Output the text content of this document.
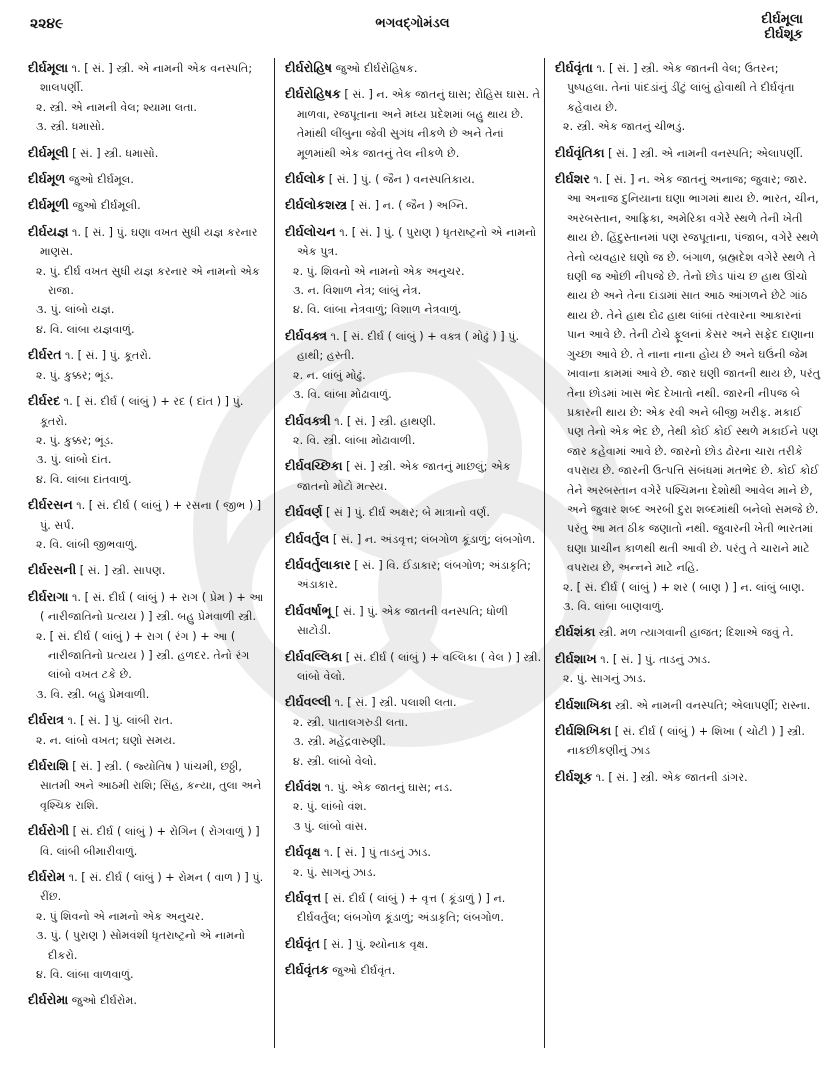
૨૨૪૯	ભગવદ્ગોમંડલ	દીર્ઘમૂલા
દીર્ઘશૂક

દીર્ઘમૂલા ૧. [ સં. ] સ્ત્રી. એ નામની એક વનસ્પતિ; શાલપર્ણી.

૨. સ્ત્રી. એ નામની વેલ; શ્યામા લતા.

૩. સ્ત્રી. ધમાસો.

દીર્ઘમૂલી [ સં. ] સ્ત્રી. ધમાસો.

દીર્ઘમૂળ જુઓ દીર્ઘમૂલ.

દીર્ઘમૂળી જુઓ દીર્ઘમૂલી.

દીર્ઘયજ્ઞ ૧. [ સં. ] પું. ઘણા વખત સુધી યજ્ઞ કરનાર માણસ.

૨. પું. દીર્ઘ વખત સુધી યજ્ઞ કરનાર એ નામનો એક રાજા.

૩. પું. લાંબો યજ્ઞ.

૪. વિ. લાંબા યજ્ઞવાળું.

દીર્ઘરત ૧. [ સં. ] પું. કૂતરો.

૨. પું. કુક્કર; ભૂંડ.

દીર્ઘરદ ૧. [ સં. દીર્ઘ ( લાંબું ) + રદ ( દાંત ) ] પું. કૂતરો.

૨. પું. કુક્કર; ભૂંડ.

૩. પું. લાંબો દાંત.

૪. વિ. લાંબા દાંતવાળું.

દીર્ઘરસન ૧. [ સં. દીર્ઘ ( લાંબું ) + રસના ( જીભ ) ] પું. સર્પ.

૨. વિ. લાંબી જીભવાળું.

દીર્ઘરસની [ સં. ] સ્ત્રી. સાપણ.

દીર્ઘરાગા ૧. [ સં. દીર્ઘ ( લાંબું ) + રાગ ( પ્રેમ ) + આ ( નારીજાતિનો પ્રત્યય ) ] સ્ત્રી. બહુ પ્રેમવાળી સ્ત્રી.

૨. [ સં. દીર્ઘ ( લાંબું ) + રાગ ( રંગ ) + આ ( નારીજાતિનો પ્રત્યય ) ] સ્ત્રી. હળદર. તેનો રંગ લાંબો વખત ટકે છે.

૩. વિ. સ્ત્રી. બહુ પ્રેમવાળી.

દીર્ઘરાત્ર ૧. [ સં. ] પું. લાંબી રાત.

૨. ન. લાંબો વખત; ઘણો સમય.

દીર્ઘરાશિ [ સં. ] સ્ત્રી. ( જ્યોતિષ ) પાંચમી, છઠ્ઠી, સાતમી અને આઠમી રાશિ; સિંહ, કન્યા, તુલા અને વૃશ્ચિક રાશિ.

દીર્ઘરોગી [ સં. દીર્ઘ ( લાંબું ) + રોગિન ( રોગવાળું ) ] વિ. લાંબી બીમારીવાળું.

દીર્ઘરોમ ૧. [ સં. દીર્ઘ ( લાંબું ) + રોમન ( વાળ ) ] પું. રીંછ.

૨. પું શિવનો એ નામનો એક અનુચર.

૩. પું. ( પુરાણ ) સોમવંશી ધૃતરાષ્ટ્રનો એ નામનો દીકરો.

૪. વિ. લાંબા વાળવાળું.

દીર્ઘરોમા જુઓ દીર્ઘરોમ.

દીર્ઘરોહિષ જુઓ દીર્ઘરોહિષક.

દીર્ઘરોહિષક [ સં. ] ન. એક જાતનું ઘાસ; રોહિસ ઘાસ. તે માળવા, રજપૂતાના અને મધ્ય પ્રદેશમાં બહુ થાય છે. તેમાંથી લીંબુના જેવી સુગંધ નીકળે છે અને તેનાં મૂળમાંથી એક જાતનું તેલ નીકળે છે.

દીર્ઘલોક [ સં. ] પું. ( જૈન ) વનસ્પતિકાય.

દીર્ઘલોકશસ્ત્ર [ સં. ] ન. ( જૈન ) અગ્નિ.

દીર્ઘલોચન ૧. [ સં. ] પું. ( પુરાણ ) ધૃતરાષ્ટ્રનો એ નામનો એક પુત્ર.

૨. પું. શિવનો એ નામનો એક અનુચર.

૩. ન. વિશાળ નેત્ર; લાંબું નેત્ર.

૪. વિ. લાંબા નેત્રવાળું; વિશાળ નેત્રવાળું.

દીર્ઘવક્ત્ર ૧. [ સં. દીર્ઘ ( લાંબું ) + વક્ત્ર ( મોઢું ) ] પું. હાથી; હસ્તી.

૨. ન. લાંબું મોઢું.

૩. વિ. લાંબા મોઢાવાળું.

દીર્ઘવક્ત્રી ૧. [ સં. ] સ્ત્રી. હાથણી.

૨. વિ. સ્ત્રી. લાંબા મોઢાવાળી.

દીર્ઘવચ્છિકા [ સં. ] સ્ત્રી. એક જાતનું માછલું; એક જાતનો મોટો મત્સ્ય.

દીર્ઘવર્ણ [ સં ] પું. દીર્ઘ અક્ષર; બે માત્રાનો વર્ણ.

દીર્ઘવર્તુલ [ સં. ] ન. અંડવૃત્ત; લંબગોળ કૂંડાળું; લંબગોળ.

દીર્ઘવર્તુલાકાર [ સં. ] વિ. ઈંડાકાર; લંબગોળ; અંડાકૃતિ; અંડાકાર.

દીર્ઘવર્ષાભૂ [ સં. ] પું. એક જાતની વનસ્પતિ; ધોળી સાટોડી.

દીર્ઘવલ્લિકા [ સં. દીર્ઘ ( લાંબું ) + વલ્લિકા ( વેલ ) ] સ્ત્રી. લાંબો વેલો.

દીર્ઘવલ્લી ૧. [ સં. ] સ્ત્રી. પલાશી લતા.

૨. સ્ત્રી. પાતાલગરુડી લતા.

૩. સ્ત્રી. મહેંદ્રવારુણી.

૪. સ્ત્રી. લાંબો વેલો.

દીર્ઘવંશ ૧. પું. એક જાતનું ઘાસ; નડ.

૨. પું. લાંબો વંશ.

૩ પું. લાંબો વાંસ.

દીર્ઘવૃક્ષ ૧. [ સં. ] પું તાડનું ઝાડ.

૨. પું. સાગનું ઝાડ.

દીર્ઘવૃત્ત [ સં. દીર્ઘ ( લાંબું ) + વૃત્ત ( કૂંડાળું ) ] ન. દીર્ઘવર્તુલ; લંબગોળ કૂંડાળું; અંડાકૃતિ; લંબગોળ.

દીર્ઘવૃંત [ સં. ] પું. શ્યોનાક વૃક્ષ.

દીર્ઘવૃંતક જુઓ દીર્ઘવૃંત.

દીર્ઘવૃંતા ૧. [ સં. ] સ્ત્રી. એક જાતની વેલ; ઉતરન; પુષ્પહલા. તેનાં પાંદડાંનું ડીંટું લાંબું હોવાથી તે દીર્ઘવૃંતા કહેવાય છે.

૨. સ્ત્રી. એક જાતનું ચીભડું.

દીર્ઘવૃંતિકા [ સં. ] સ્ત્રી. એ નામની વનસ્પતિ; એલાપર્ણી.

દીર્ઘશર ૧. [ સં. ] ન. એક જાતનું અનાજ; જુવાર; જાર. આ અનાજ દુનિયાના ઘણા ભાગમાં થાય છે. ભારત, ચીન, અરબસ્તાન, આફ્રિકા, અમેરિકા વગેરે સ્થળે તેની ખેતી થાય છે. હિંદુસ્તાનમાં પણ રજપૂતાના, પંજાબ, વગેરે સ્થળે તેનો વ્યવહાર ઘણો જ છે. બંગાળ, બ્રહ્મદેશ વગેરે સ્થળે તે ઘણી જ ઓછી નીપજે છે. તેનો છોડ પાંચ છ હાથ ઊંચો થાય છે અને તેના દાંડામાં સાત આઠ આંગળને છેટે ગાંઠ થાય છે. તેને હાથ દોઢ હાથ લાંબાં તરવારના આકારનાં પાન આવે છે. તેની ટોચે ફૂલનાં કેસર અને સફેદ દાણાના ગુચ્છા આવે છે. તે નાના નાના હોય છે અને ઘઉંની જેમ ખાવાના કામમાં આવે છે. જાર ઘણી જાતની થાય છે, પરંતુ તેના છોડમાં ખાસ ભેદ દેખાતો નથી. જારની નીપજ બે પ્રકારની થાય છે: એક રવી અને બીજી ખરીફ. મકાઈ પણ તેનો એક ભેદ છે, તેથી કોઈ કોઈ સ્થળે મકાઈને પણ જાર કહેવામાં આવે છે. જારનો છોડ ઢોરના ચારા તરીકે વપરાય છે. જારની ઉત્પત્તિ સંબંધમાં મતભેદ છે. કોઈ કોઈ તેને અરબસ્તાન વગેરે પશ્ચિમના દેશોથી આવેલ માને છે, અને જુવાર શબ્દ અરબી દુરા શબ્દમાંથી બનેલો સમજે છે. પરંતુ આ મત ઠીક જણાતો નથી. જુવારની ખેતી ભારતમાં ઘણા પ્રાચીન કાળથી થતી આવી છે. પરંતુ તે ચારાને માટે વપરાય છે, અન્નને માટે નહિ.

૨. [ સં. દીર્ઘ ( લાંબું ) + શર ( બાણ ) ] ન. લાંબું બાણ.

૩. વિ. લાંબા બાણવાળું.

દીર્ઘશંકા સ્ત્રી. મળ ત્યાગવાની હાજત; દિશાએ જવું તે.

દીર્ઘશાખ ૧. [ સં. ] પું. તાડનું ઝાડ.

૨. પું. સાગનું ઝાડ.

દીર્ઘશાખિકા સ્ત્રી. એ નામની વનસ્પતિ; એલાપર્ણી; રાસ્ના.

દીર્ઘશિખિકા [ સં. દીર્ઘ ( લાંબું ) + શિખા ( ચોટી ) ] સ્ત્રી. નાકછીકણીનું ઝાડ

દીર્ઘશૂક ૧. [ સં. ] સ્ત્રી. એક જાતની ડાંગર.
